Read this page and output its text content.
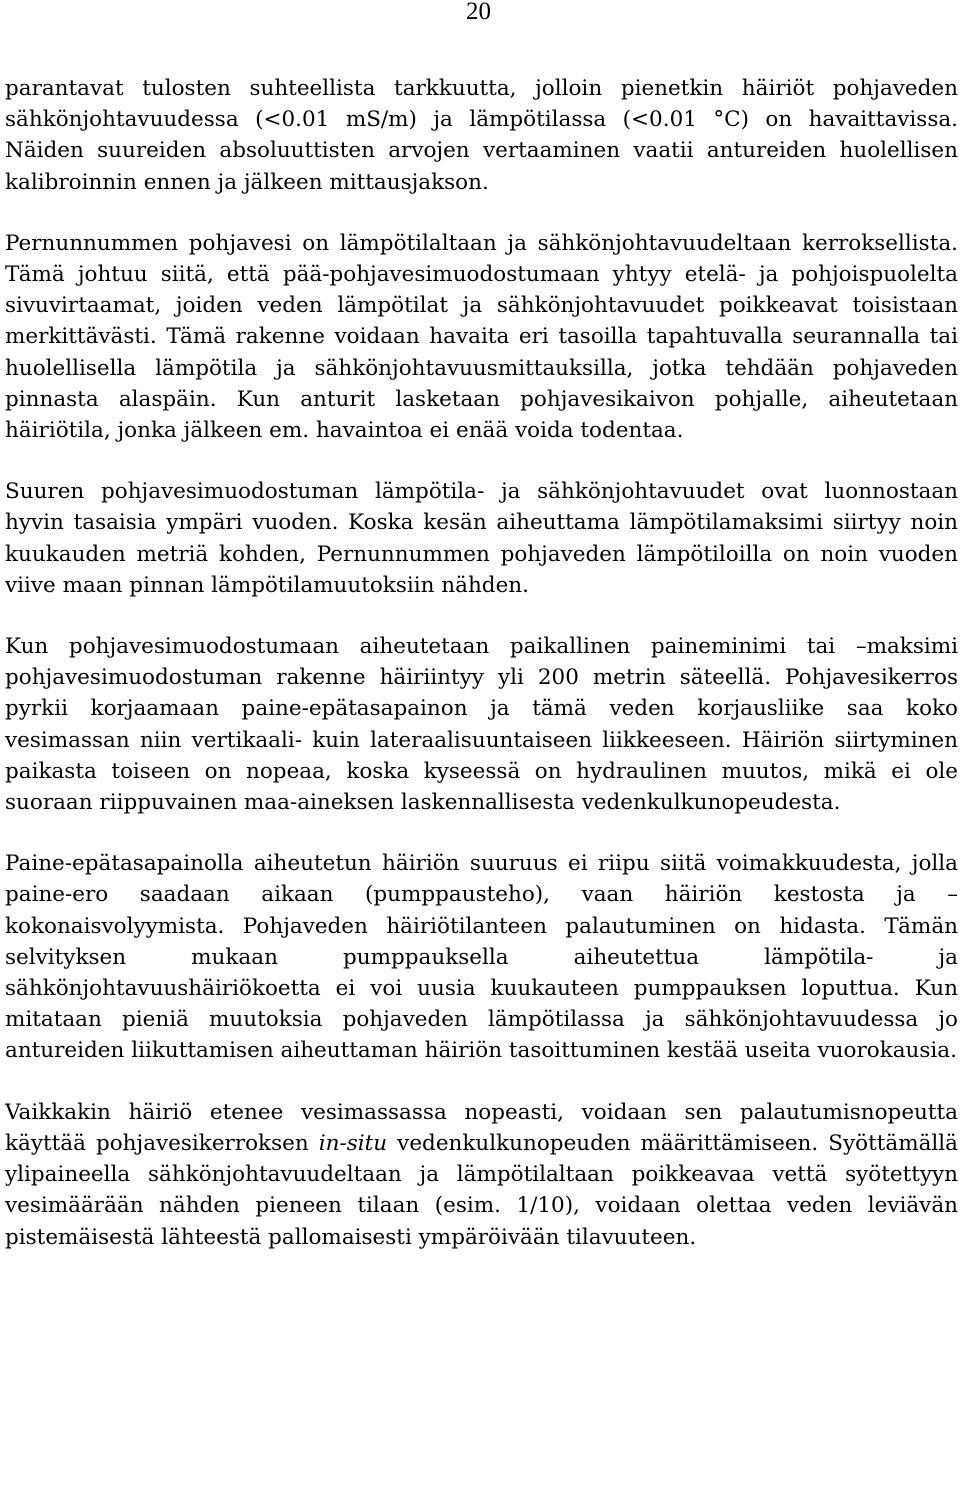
20

parantavat tulosten suhteellista tarkkuutta, jolloin pienetkin häiriöt pohjaveden sähkönjohtavuudessa (<0.01 mS/m) ja lämpötilassa (<0.01 °C) on havaittavissa. Näiden suureiden absoluuttisten arvojen vertaaminen vaatii antureiden huolellisen kalibroinnin ennen ja jälkeen mittausjakson.

Pernunnummen pohjavesi on lämpötilaltaan ja sähkönjohtavuudeltaan kerroksellista. Tämä johtuu siitä, että pää-pohjavesimuodostumaan yhtyy etelä- ja pohjoispuolelta sivuvirtaamat, joiden veden lämpötilat ja sähkönjohtavuudet poikkeavat toisistaan merkittävästi. Tämä rakenne voidaan havaita eri tasoilla tapahtuvalla seurannalla tai huolellisella lämpötila ja sähkönjohtavuusmittauksilla, jotka tehdään pohjaveden pinnasta alaspäin. Kun anturit lasketaan pohjavesikaivon pohjalle, aiheutetaan häiriötila, jonka jälkeen em. havaintoa ei enää voida todentaa.

Suuren pohjavesimuodostuman lämpötila- ja sähkönjohtavuudet ovat luonnostaan hyvin tasaisia ympäri vuoden. Koska kesän aiheuttama lämpötilamaksimi siirtyy noin kuukauden metriä kohden, Pernunnummen pohjaveden lämpötiloilla on noin vuoden viive maan pinnan lämpötilamuutoksiin nähden.

Kun pohjavesimuodostumaan aiheutetaan paikallinen paineminimi tai –maksimi pohjavesimuodostuman rakenne häiriintyy yli 200 metrin säteellä. Pohjavesikerros pyrkii korjaamaan paine-epätasapainon ja tämä veden korjausliike saa koko vesimassan niin vertikaali- kuin lateraalisuuntaiseen liikkeeseen. Häiriön siirtyminen paikasta toiseen on nopeaa, koska kyseessä on hydraulinen muutos, mikä ei ole suoraan riippuvainen maa-aineksen laskennallisesta vedenkulkunopeudesta.

Paine-epätasapainolla aiheutetun häiriön suuruus ei riipu siitä voimakkuudesta, jolla paine-ero saadaan aikaan (pumppausteho), vaan häiriön kestosta ja –kokonaisvolyymista. Pohjaveden häiriötilanteen palautuminen on hidasta. Tämän selvityksen mukaan pumppauksella aiheutettua lämpötila- ja sähkönjohtavuushäiriökoetta ei voi uusia kuukauteen pumppauksen loputtua. Kun mitataan pieniä muutoksia pohjaveden lämpötilassa ja sähkönjohtavuudessa jo antureiden liikuttamisen aiheuttaman häiriön tasoittuminen kestää useita vuorokausia.

Vaikkakin häiriö etenee vesimassassa nopeasti, voidaan sen palautumisnopeutta käyttää pohjavesikerroksen in-situ vedenkulkunopeuden määrittämiseen. Syöttämällä ylipaineella sähkönjohtavuudeltaan ja lämpötilaltaan poikkeavaa vettä syötettyyn vesimäärään nähden pieneen tilaan (esim. 1/10), voidaan olettaa veden leviävän pistemäisestä lähteestä pallomaisesti ympäröivään tilavuuteen.
